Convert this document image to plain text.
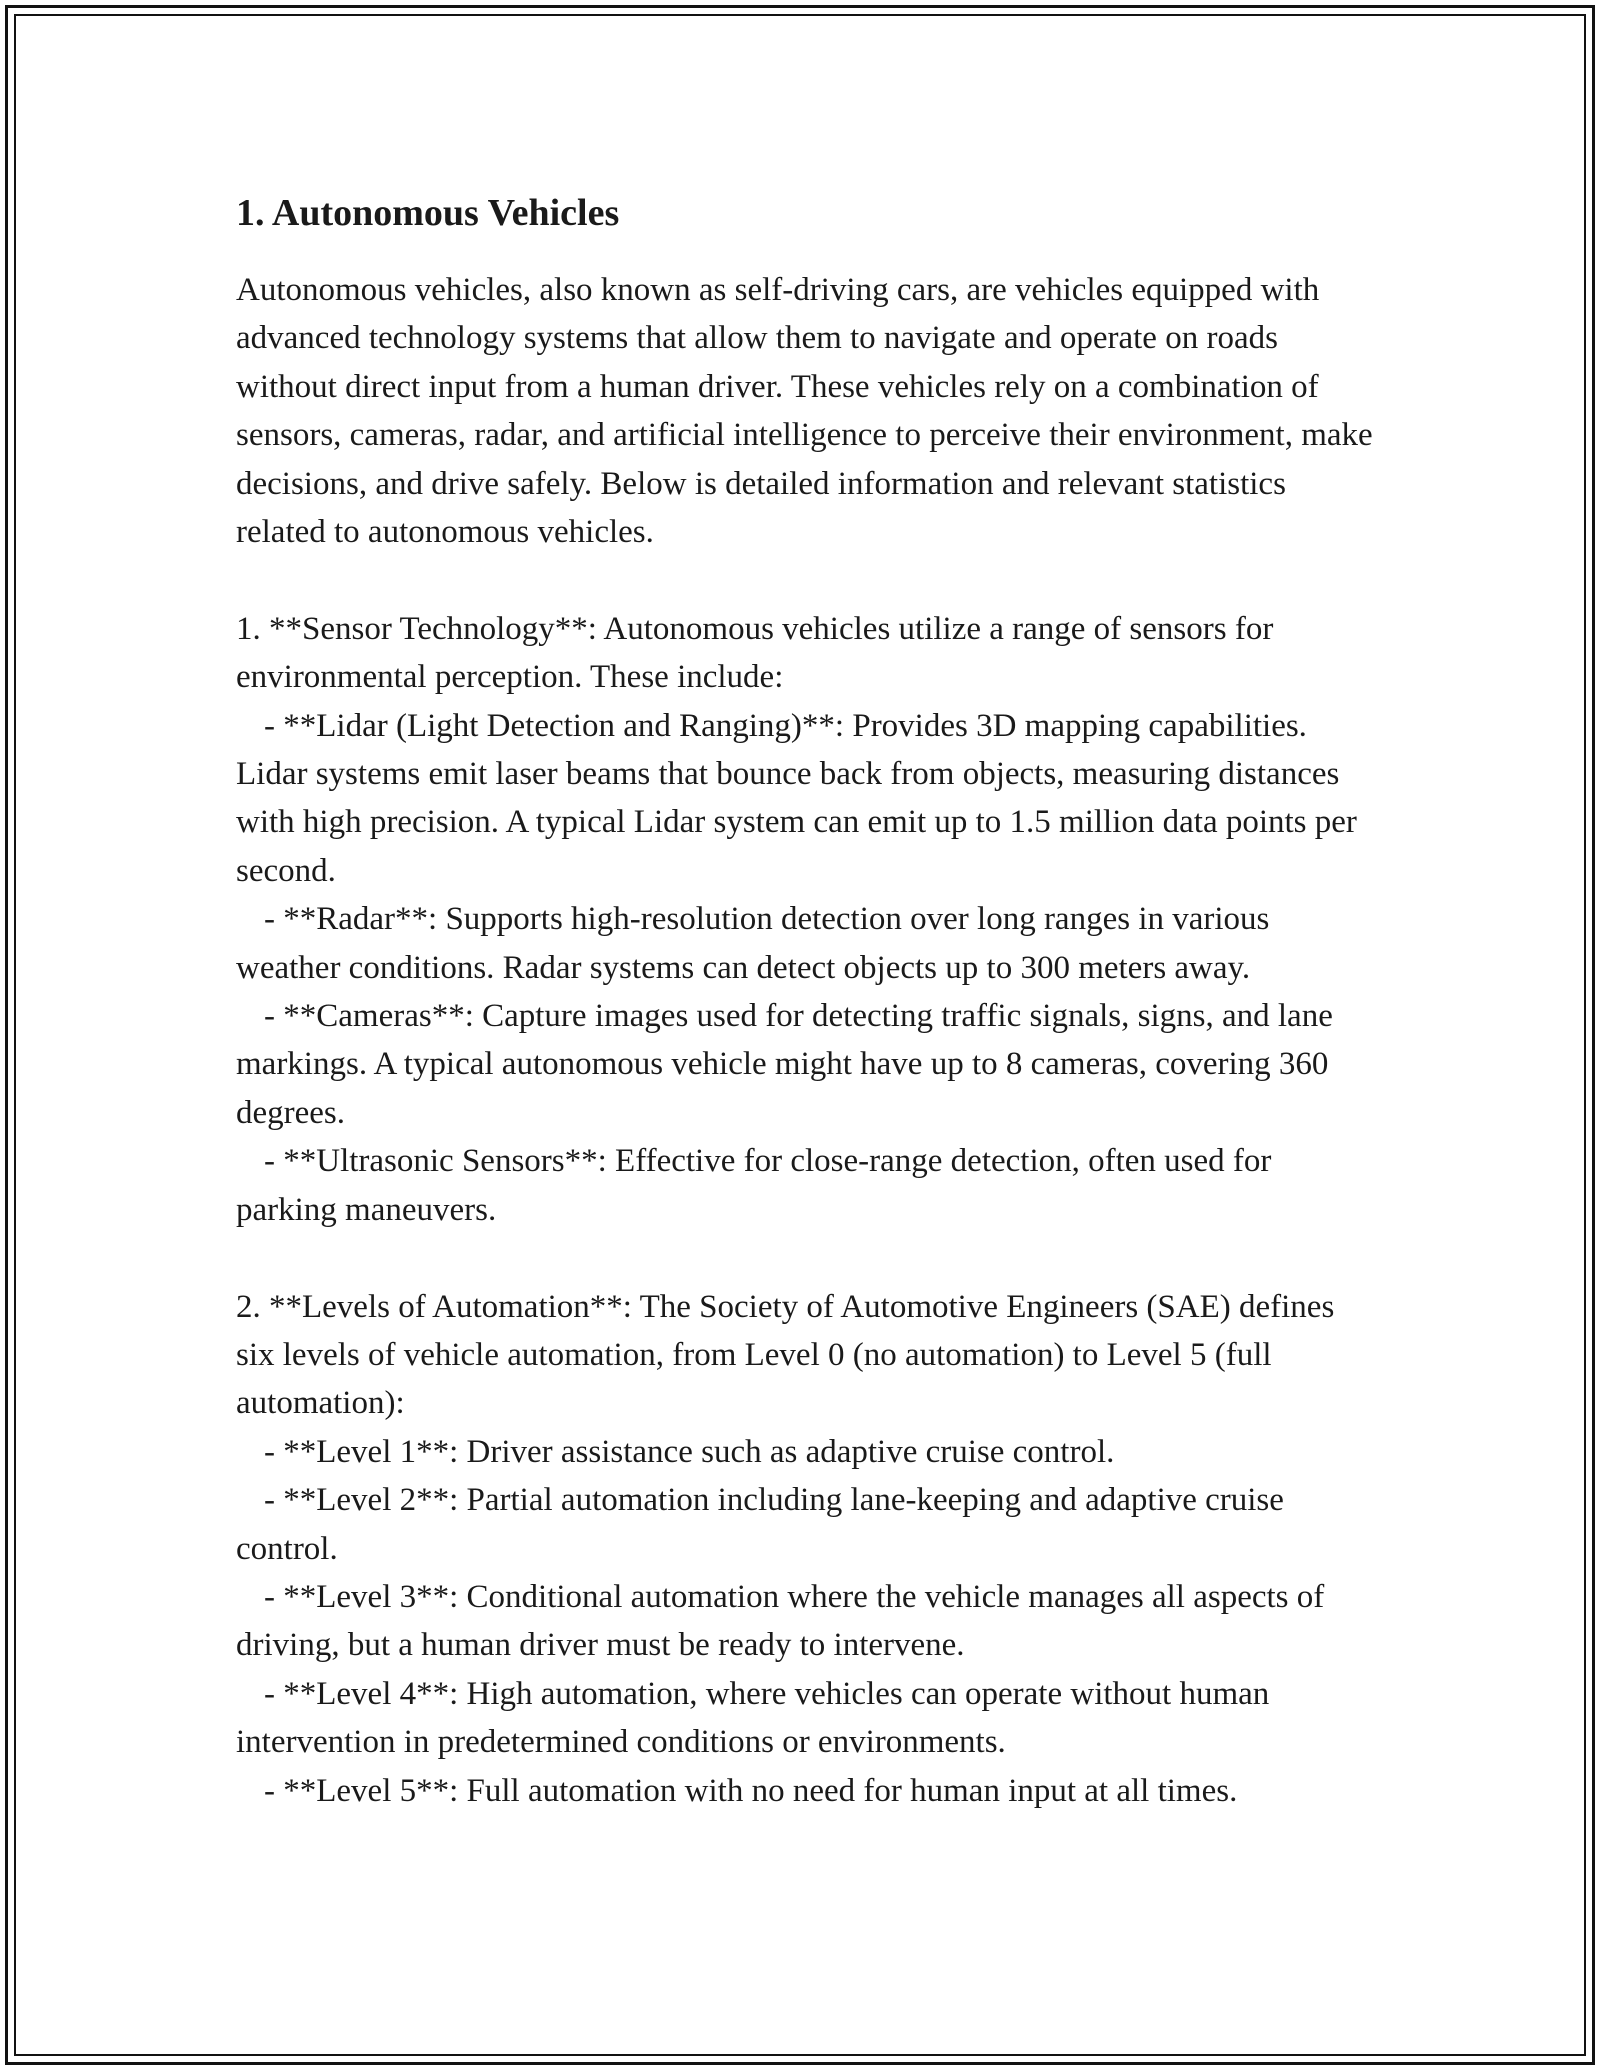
1. Autonomous Vehicles

Autonomous vehicles, also known as self-driving cars, are vehicles equipped with advanced technology systems that allow them to navigate and operate on roads without direct input from a human driver. These vehicles rely on a combination of sensors, cameras, radar, and artificial intelligence to perceive their environment, make decisions, and drive safely. Below is detailed information and relevant statistics related to autonomous vehicles.

1. **Sensor Technology**: Autonomous vehicles utilize a range of sensors for environmental perception. These include:

- **Lidar (Light Detection and Ranging)**: Provides 3D mapping capabilities. Lidar systems emit laser beams that bounce back from objects, measuring distances with high precision. A typical Lidar system can emit up to 1.5 million data points per second.

- **Radar**: Supports high-resolution detection over long ranges in various weather conditions. Radar systems can detect objects up to 300 meters away.

- **Cameras**: Capture images used for detecting traffic signals, signs, and lane markings. A typical autonomous vehicle might have up to 8 cameras, covering 360 degrees.

- **Ultrasonic Sensors**: Effective for close-range detection, often used for parking maneuvers.

2. **Levels of Automation**: The Society of Automotive Engineers (SAE) defines six levels of vehicle automation, from Level 0 (no automation) to Level 5 (full automation):

- **Level 1**: Driver assistance such as adaptive cruise control.

- **Level 2**: Partial automation including lane-keeping and adaptive cruise control.

- **Level 3**: Conditional automation where the vehicle manages all aspects of driving, but a human driver must be ready to intervene.

- **Level 4**: High automation, where vehicles can operate without human intervention in predetermined conditions or environments.

- **Level 5**: Full automation with no need for human input at all times.
